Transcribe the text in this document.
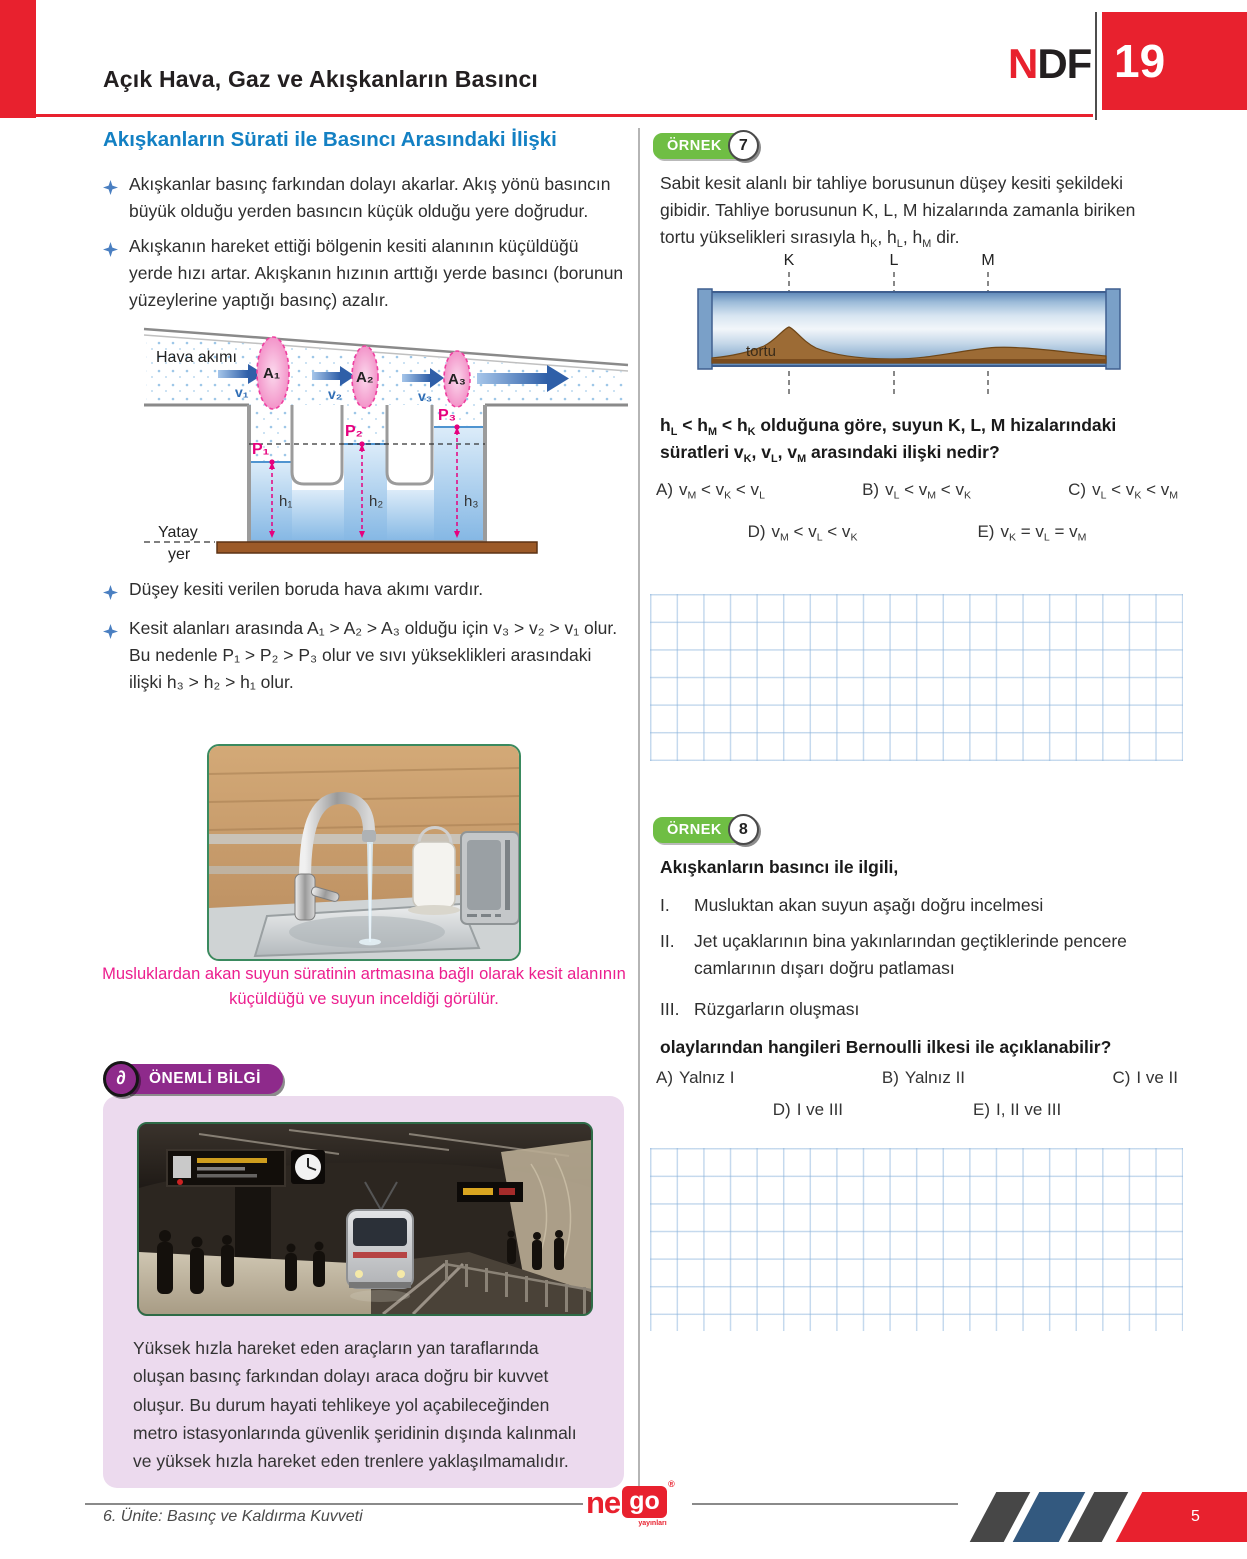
Açık Hava, Gaz ve Akışkanların Basıncı	NDF 19
Akışkanların Sürati ile Basıncı Arasındaki İlişki
Akışkanlar basınç farkından dolayı akarlar. Akış yönü basıncın büyük olduğu yerden basıncın küçük olduğu yere doğrudur.
Akışkanın hareket ettiği bölgenin kesiti alanının küçüldüğü yerde hızı artar. Akışkanın hızının arttığı yerde basıncı (borunun yüzeylerine yaptığı basınç) azalır.
Hava akımı
A₁	A₂	A₃
v₁	v₂	v₃
P₁
P₂
P₃
h₁	h₂	h₃
Yatay
yer
Düşey kesiti verilen boruda hava akımı vardır.
Kesit alanları arasında A₁ > A₂ > A₃ olduğu için v₃ > v₂ > v₁ olur. Bu nedenle P₁ > P₂ > P₃ olur ve sıvı yükseklikleri arasındaki ilişki h₃ > h₂ > h₁ olur.
Musluklardan akan suyun süratinin artmasına bağlı olarak kesit alanının küçüldüğü ve suyun inceldiği görülür.
∂	ÖNEMLİ BİLGİ
Yüksek hızla hareket eden araçların yan taraflarında oluşan basınç farkından dolayı araca doğru bir kuvvet oluşur. Bu durum hayati tehlikeye yol açabileceğinden metro istasyonlarında güvenlik şeridinin dışında kalınmalı ve yüksek hızla hareket eden trenlere yaklaşılmamalıdır.
ÖRNEK	7
Sabit kesit alanlı bir tahliye borusunun düşey kesiti şekildeki gibidir. Tahliye borusunun K, L, M hizalarında zamanla biriken tortu yükselikleri sırasıyla $h_K$, $h_L$, $h_M$ dir.
K	L	M
tortu
$h_L < h_M < h_K$ olduğuna göre, suyun K, L, M hizalarındaki süratleri $v_K$, $v_L$, $v_M$ arasındaki ilişki nedir?
A) $v_M < v_K < v_L$	B) $v_L < v_M < v_K$	C) $v_L < v_K < v_M$
D) $v_M < v_L < v_K$	E) $v_K = v_L = v_M$
ÖRNEK	8
Akışkanların basıncı ile ilgili,
I.	Musluktan akan suyun aşağı doğru incelmesi
II.	Jet uçaklarının bina yakınlarından geçtiklerinde pencere camlarının dışarı doğru patlaması
III. Rüzgarların oluşması
olaylarından hangileri Bernoulli ilkesi ile açıklanabilir?
A) Yalnız I	B) Yalnız II	C) I ve II
D) I ve III	E) I, II ve III
6. Ünite: Basınç ve Kaldırma Kuvveti	ne go
®
yayınları	5
